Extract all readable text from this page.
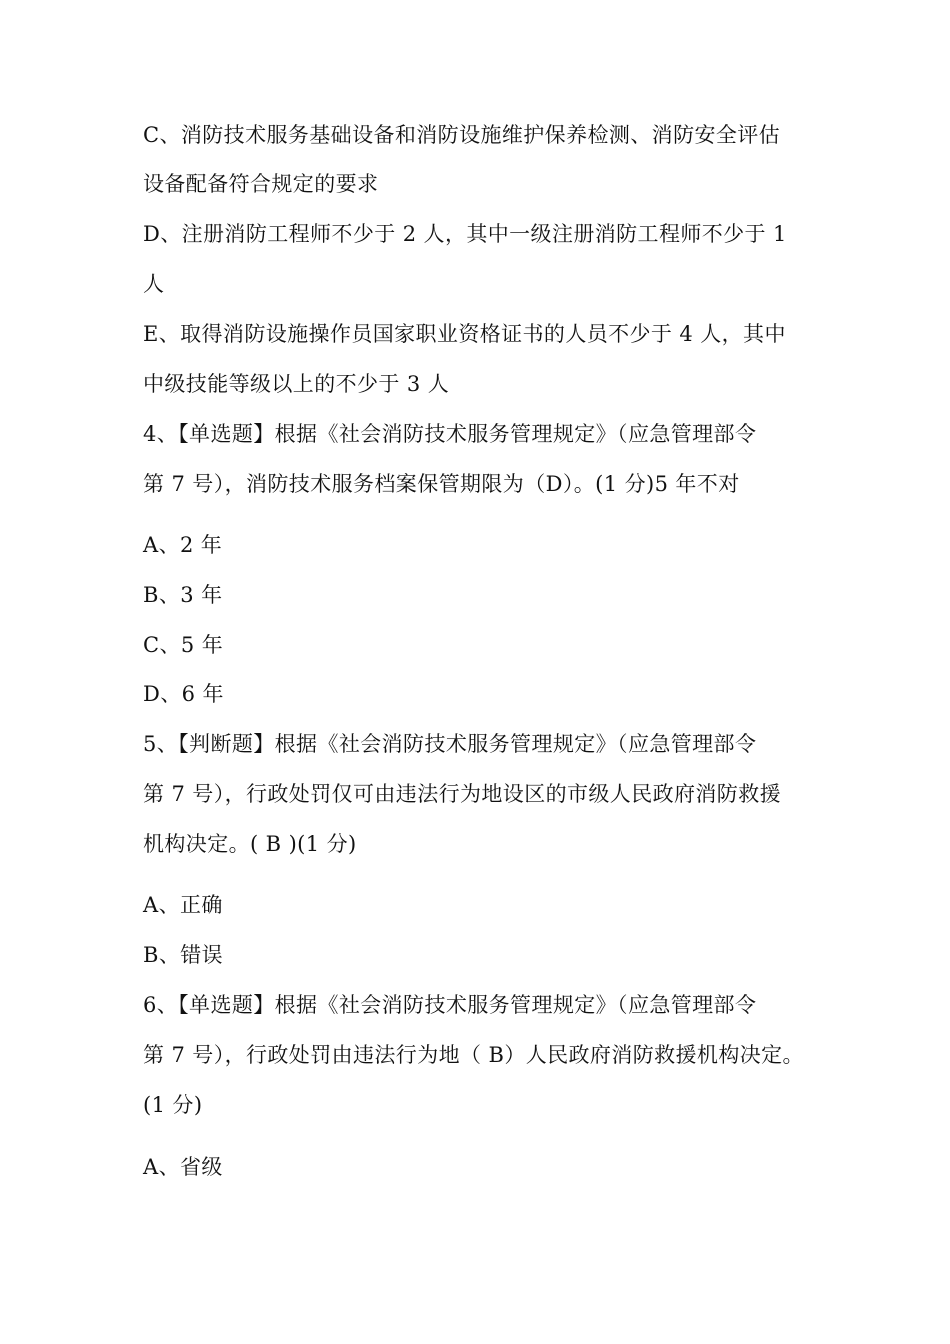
C、消防技术服务基础设备和消防设施维护保养检测、消防安全评估
设备配备符合规定的要求
D、注册消防工程师不少于 2 人，其中一级注册消防工程师不少于 1
人
E、取得消防设施操作员国家职业资格证书的人员不少于 4 人，其中
中级技能等级以上的不少于 3 人
4、【单选题】根据《社会消防技术服务管理规定》（应急管理部令
第 7 号），消防技术服务档案保管期限为（D）。(1 分)5 年不对
A、2 年
B、3 年
C、5 年
D、6 年
5、【判断题】根据《社会消防技术服务管理规定》（应急管理部令
第 7 号），行政处罚仅可由违法行为地设区的市级人民政府消防救援
机构决定。( B )(1 分)
A、正确
B、错误
6、【单选题】根据《社会消防技术服务管理规定》（应急管理部令
第 7 号），行政处罚由违法行为地（ B）人民政府消防救援机构决定。
(1 分)
A、省级
